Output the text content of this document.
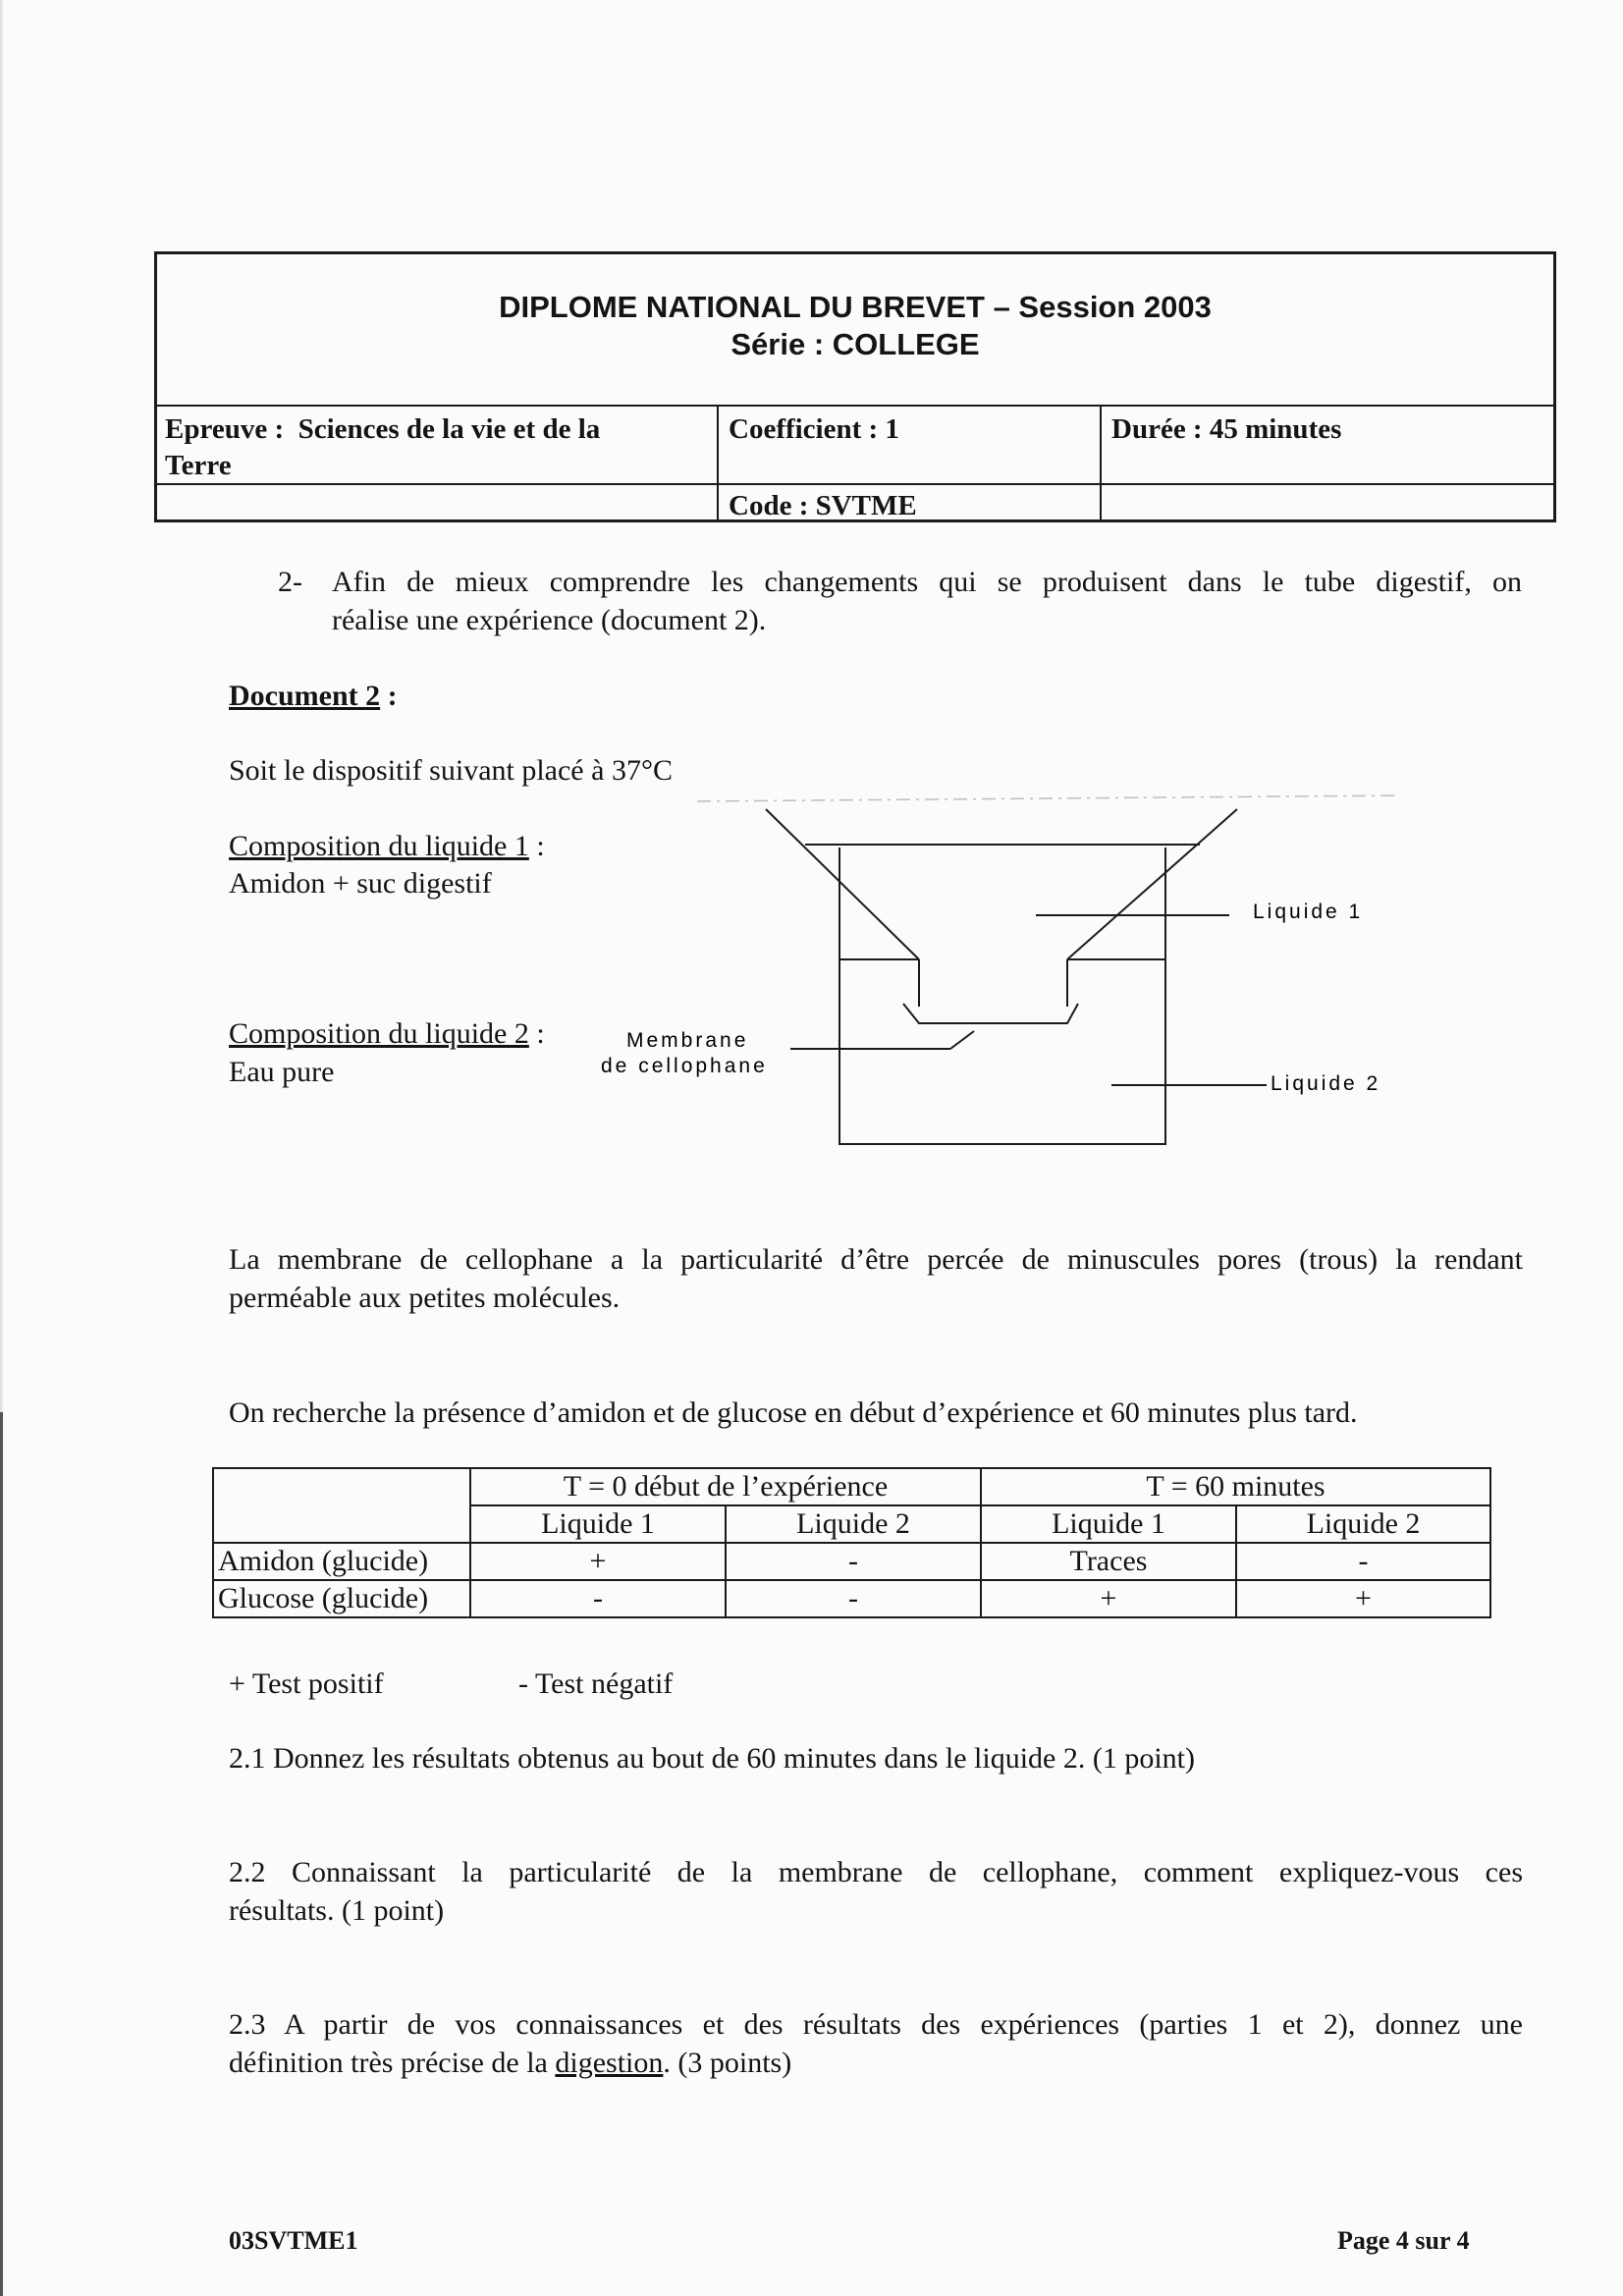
DIPLOME NATIONAL DU BREVET – Session 2003
Série : COLLEGE
Epreuve :  Sciences de la vie et de la
Terre
Coefficient : 1	Durée : 45 minutes
Code : SVTME
2- Afin de mieux comprendre les changements qui se produisent dans le tube digestif, on
réalise une expérience (document 2).
Document 2 :
Soit le dispositif suivant placé à 37°C
Composition du liquide 1 :
Amidon + suc digestif
Composition du liquide 2 :
Eau pure
Liquide 1
Liquide 2
Membrane
de cellophane
La membrane de cellophane a la particularité d’être percée de minuscules pores (trous) la rendant
perméable aux petites molécules.
On recherche la présence d’amidon et de glucose en début d’expérience et 60 minutes plus tard.
	T = 0 début de l’expérience		T = 60 minutes	
	Liquide 1	Liquide 2	Liquide 1	Liquide 2
Amidon (glucide)	+	-	Traces	-
Glucose (glucide)	-	-	+	+
+ Test positif	- Test négatif
2.1 Donnez les résultats obtenus au bout de 60 minutes dans le liquide 2. (1 point)
2.2 Connaissant la particularité de la membrane de cellophane, comment expliquez-vous ces
résultats. (1 point)
2.3 A partir de vos connaissances et des résultats des expériences (parties 1 et 2), donnez une
définition très précise de la digestion. (3 points)
03SVTME1	Page 4 sur 4
